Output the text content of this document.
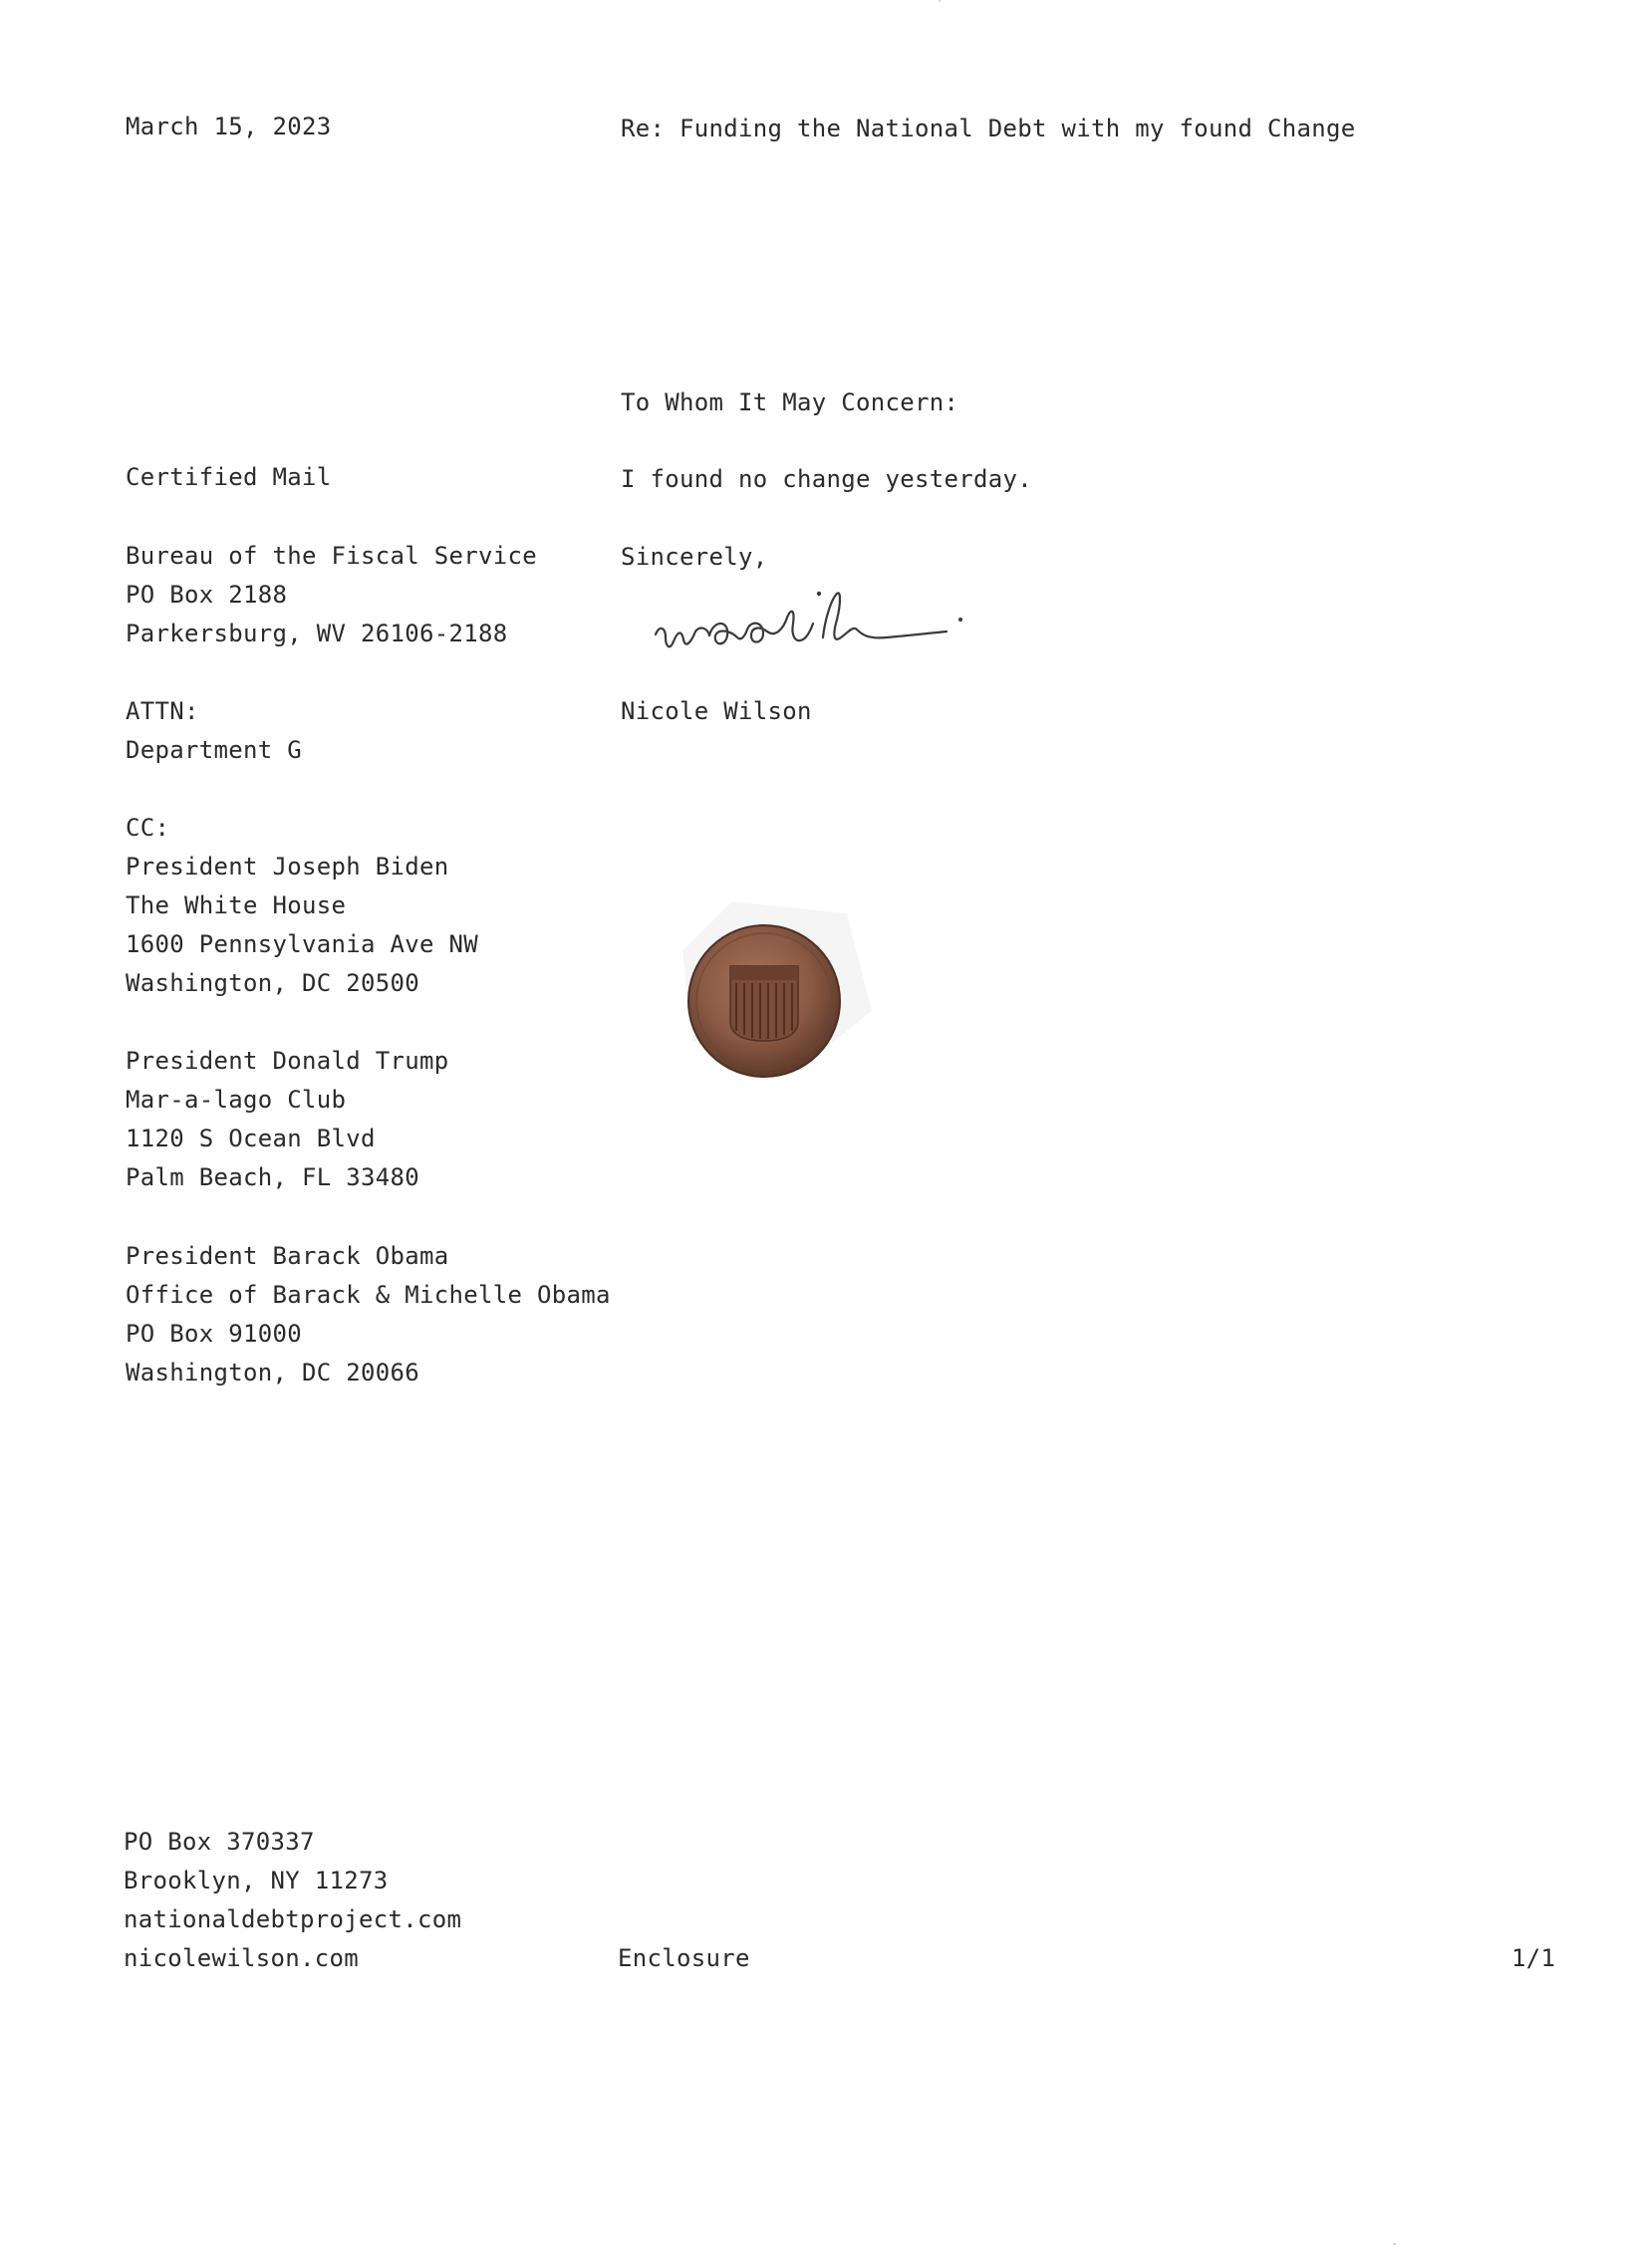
March 15, 2023	Re: Funding the National Debt with my found Change
To Whom It May Concern:
I found no change yesterday.
Sincerely,
Nicole Wilson
Certified Mail
Bureau of the Fiscal Service
PO Box 2188
Parkersburg, WV 26106-2188
ATTN:
Department G
CC:
President Joseph Biden
The White House
1600 Pennsylvania Ave NW
Washington, DC 20500
President Donald Trump
Mar-a-lago Club
1120 S Ocean Blvd
Palm Beach, FL 33480
President Barack Obama
Office of Barack & Michelle Obama
PO Box 91000
Washington, DC 20066
PO Box 370337
Brooklyn, NY 11273
nationaldebtproject.com
nicolewilson.com	Enclosure	1/1
